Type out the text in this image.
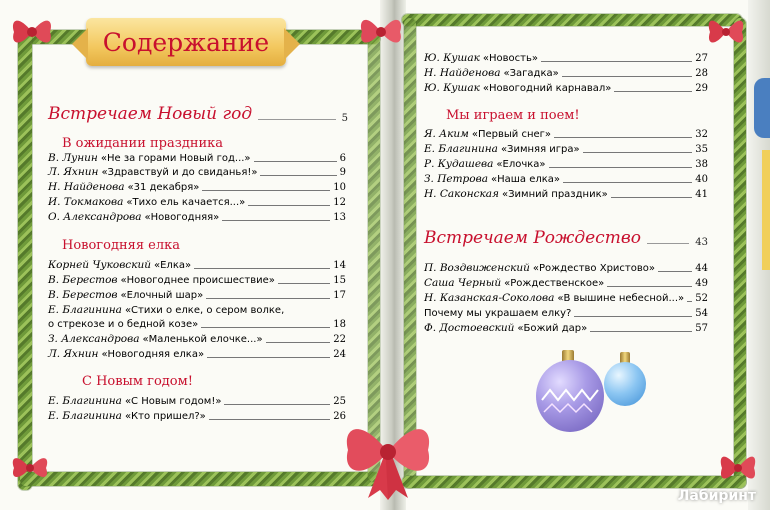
Содержание
Встречаем Новый год	5
В ожидании праздника
В. Лунин «Не за горами Новый год...»	6
Л. Яхнин «Здравствуй и до свиданья!»	9
Н. Найденова «31 декабря»	10
И. Токмакова «Тихо ель качается...»	12
О. Александрова «Новогодняя»	13
Новогодняя елка
Корней Чуковский «Елка»	14
В. Берестов «Новогоднее происшествие»	15
В. Берестов «Елочный шар»	17
Е. Благинина «Стихи о елке, о сером волке,
о стрекозе и о бедной козе»	18
З. Александрова «Маленькой елочке...»	22
Л. Яхнин «Новогодняя елка»	24
С Новым годом!
Е. Благинина «С Новым годом!»	25
Е. Благинина «Кто пришел?»	26
Ю. Кушак «Новость»	27
Н. Найденова «Загадка»	28
Ю. Кушак «Новогодний карнавал»	29
Мы играем и поем!
Я. Аким «Первый снег»	32
Е. Благинина «Зимняя игра»	35
Р. Кудашева «Елочка»	38
З. Петрова «Наша елка»	40
Н. Саконская «Зимний праздник»	41
Встречаем Рождество	43
П. Воздвиженский «Рождество Христово»	44
Саша Черный «Рождественское»	49
Н. Казанская-Соколова «В вышине небесной...» 52
Почему мы украшаем елку?	54
Ф. Достоевский «Божий дар»	57
Лабиринт
